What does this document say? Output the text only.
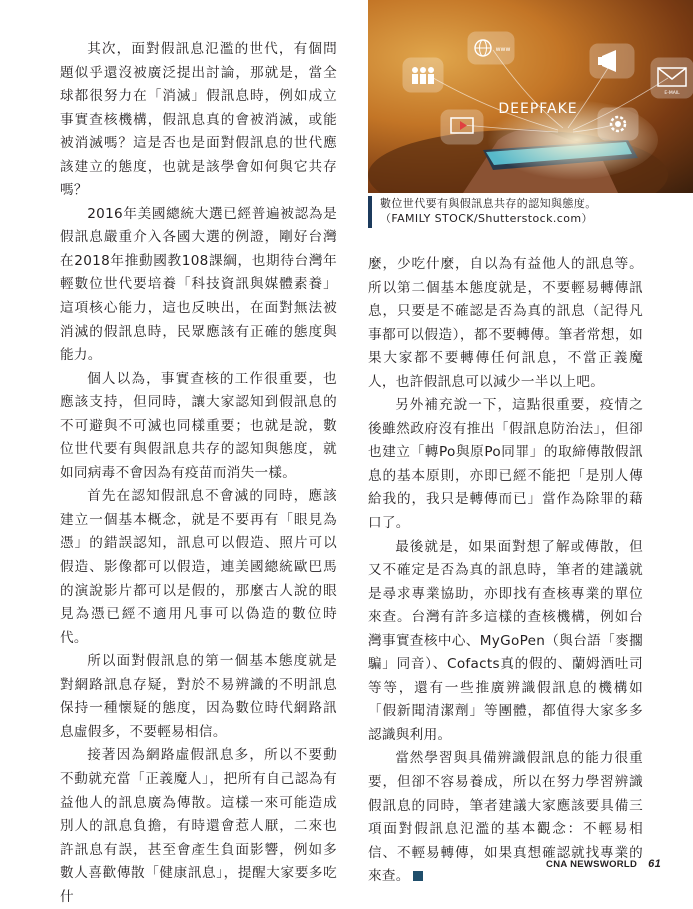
www
E-MAIL
DEEPFAKE
數位世代要有與假訊息共存的認知與態度。
（FAMILY STOCK/Shutterstock.com）

其次，面對假訊息氾濫的世代，有個問題似乎還沒被廣泛提出討論，那就是，當全球都很努力在「消滅」假訊息時，例如成立事實查核機構，假訊息真的會被消滅，或能被消滅嗎？這是否也是面對假訊息的世代應該建立的態度，也就是該學會如何與它共存嗎？

2016年美國總統大選已經普遍被認為是假訊息嚴重介入各國大選的例證，剛好台灣在2018年推動國教108課綱，也期待台灣年輕數位世代要培養「科技資訊與媒體素養」這項核心能力，這也反映出，在面對無法被消滅的假訊息時，民眾應該有正確的態度與能力。

個人以為，事實查核的工作很重要，也應該支持，但同時，讓大家認知到假訊息的不可避與不可滅也同樣重要；也就是說，數位世代要有與假訊息共存的認知與態度，就如同病毒不會因為有疫苗而消失一樣。

首先在認知假訊息不會滅的同時，應該建立一個基本概念，就是不要再有「眼見為憑」的錯誤認知，訊息可以假造、照片可以假造、影像都可以假造，連美國總統歐巴馬的演說影片都可以是假的，那麼古人說的眼見為憑已經不適用凡事可以偽造的數位時代。

所以面對假訊息的第一個基本態度就是對網路訊息存疑，對於不易辨識的不明訊息保持一種懷疑的態度，因為數位時代網路訊息虛假多，不要輕易相信。

接著因為網路虛假訊息多，所以不要動不動就充當「正義魔人」，把所有自己認為有益他人的訊息廣為傳散。這樣一來可能造成別人的訊息負擔，有時還會惹人厭，二來也許訊息有誤，甚至會產生負面影響，例如多數人喜歡傳散「健康訊息」，提醒大家要多吃什

麼，少吃什麼，自以為有益他人的訊息等。所以第二個基本態度就是，不要輕易轉傳訊息，只要是不確認是否為真的訊息（記得凡事都可以假造），都不要轉傳。筆者常想，如果大家都不要轉傳任何訊息，不當正義魔人，也許假訊息可以減少一半以上吧。

另外補充說一下，這點很重要，疫情之後雖然政府沒有推出「假訊息防治法」，但卻也建立「轉Po與原Po同罪」的取締傳散假訊息的基本原則，亦即已經不能把「是別人傳給我的，我只是轉傳而已」當作為除罪的藉口了。

最後就是，如果面對想了解或傳散，但又不確定是否為真的訊息時，筆者的建議就是尋求專業協助，亦即找有查核專業的單位來查。台灣有許多這樣的查核機構，例如台灣事實查核中心、MyGoPen（與台語「麥擱騙」同音）、Cofacts真的假的、蘭姆酒吐司等等，還有一些推廣辨識假訊息的機構如「假新聞清潔劑」等團體，都值得大家多多認識與利用。

當然學習與具備辨識假訊息的能力很重要，但卻不容易養成，所以在努力學習辨識假訊息的同時，筆者建議大家應該要具備三項面對假訊息氾濫的基本觀念：不輕易相信、不輕易轉傳，如果真想確認就找專業的來查。

CNA NEWSWORLD 61
